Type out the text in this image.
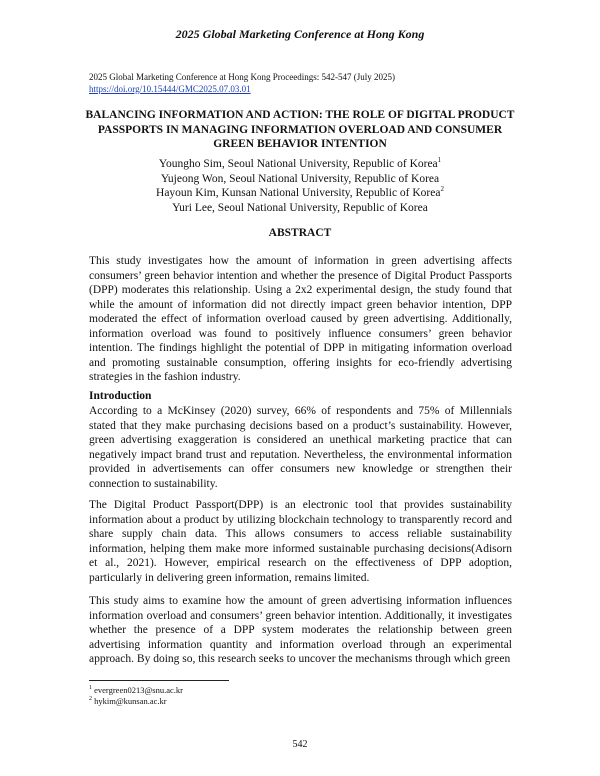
2025 Global Marketing Conference at Hong Kong
2025 Global Marketing Conference at Hong Kong Proceedings: 542-547 (July 2025)
https://doi.org/10.15444/GMC2025.07.03.01
BALANCING INFORMATION AND ACTION: THE ROLE OF DIGITAL PRODUCT PASSPORTS IN MANAGING INFORMATION OVERLOAD AND CONSUMER GREEN BEHAVIOR INTENTION
Youngho Sim, Seoul National University, Republic of Korea$^1$
Yujeong Won, Seoul National University, Republic of Korea
Hayoun Kim, Kunsan National University, Republic of Korea$^2$
Yuri Lee, Seoul National University, Republic of Korea
ABSTRACT
This study investigates how the amount of information in green advertising affects consumers’ green behavior intention and whether the presence of Digital Product Passports (DPP) moderates this relationship. Using a 2x2 experimental design, the study found that while the amount of information did not directly impact green behavior intention, DPP moderated the effect of information overload caused by green advertising. Additionally, information overload was found to positively influence consumers’ green behavior intention. The findings highlight the potential of DPP in mitigating information overload and promoting sustainable consumption, offering insights for eco-friendly advertising strategies in the fashion industry.
Introduction
According to a McKinsey (2020) survey, 66% of respondents and 75% of Millennials stated that they make purchasing decisions based on a product’s sustainability. However, green advertising exaggeration is considered an unethical marketing practice that can negatively impact brand trust and reputation. Nevertheless, the environmental information provided in advertisements can offer consumers new knowledge or strengthen their connection to sustainability.
The Digital Product Passport(DPP) is an electronic tool that provides sustainability information about a product by utilizing blockchain technology to transparently record and share supply chain data. This allows consumers to access reliable sustainability information, helping them make more informed sustainable purchasing decisions(Adisorn et al., 2021). However, empirical research on the effectiveness of DPP adoption, particularly in delivering green information, remains limited.
This study aims to examine how the amount of green advertising information influences information overload and consumers’ green behavior intention. Additionally, it investigates whether the presence of a DPP system moderates the relationship between green advertising information quantity and information overload through an experimental approach. By doing so, this research seeks to uncover the mechanisms through which green
$^1$ evergreen0213@snu.ac.kr
$^2$ hykim@kunsan.ac.kr
542
